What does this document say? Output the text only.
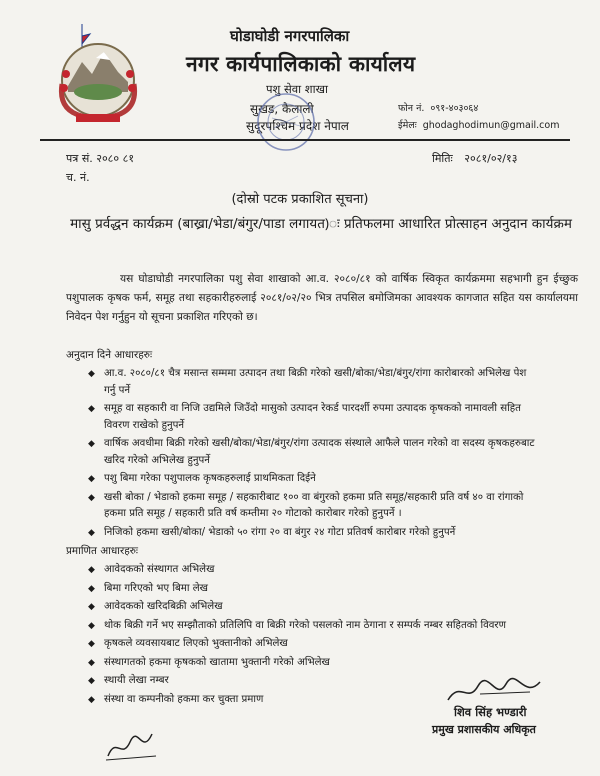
घोडाघोडी नगरपालिका
नगर कार्यपालिकाको कार्यालय
पशु सेवा शाखा
सुखड, कैलाली
सुदूरपश्चिम प्रदेश नेपाल
फोन नं. ०९१-४०३०६४
ईमेलः ghodaghodimun@gmail.com
पत्र सं. २०८० ८१
च. नं.
मितिः २०८१/०२/१३
(दोस्रो पटक प्रकाशित सूचना)
मासु प्रर्वद्धन कार्यक्रम (बाख्रा/भेडा/बंगुर/पाडा लगायत)ः प्रतिफलमा आधारित प्रोत्साहन अनुदान कार्यक्रम
यस घोडाघोडी नगरपालिका पशु सेवा शाखाको आ.व. २०८०/८१ को वार्षिक स्विकृत कार्यक्रममा सहभागी हुन ईच्छुक पशुपालक कृषक फर्म, समूह तथा सहकारीहरुलाई २०८१/०२/२० भित्र तपसिल बमोजिमका आवश्यक कागजात सहित यस कार्यालयमा निवेदन पेश गर्नुहुन यो सूचना प्रकाशित गरिएको छ।
अनुदान दिने आधारहरुः
◆ आ.व. २०८०/८१ चैत्र मसान्त सम्ममा उत्पादन तथा बिक्री गरेको खसी/बोका/भेडा/बंगुर/रांगा कारोबारको अभिलेख पेश गर्नु पर्ने
◆ समूह वा सहकारी वा निजि उद्यमिले जिउँदो मासुको उत्पादन रेकर्ड पारदर्शी रुपमा उत्पादक कृषकको नामावली सहित विवरण राखेको हुनुपर्ने
◆ वार्षिक अवधीमा बिक्री गरेको खसी/बोका/भेडा/बंगुर/रांगा उत्पादक संस्थाले आफैले पालन गरेको वा सदस्य कृषकहरुबाट खरिद गरेको अभिलेख हुनुपर्ने
◆ पशु बिमा गरेका पशुपालक कृषकहरुलाई प्राथमिकता दिईने
◆ खसी बोका / भेडाको हकमा समूह / सहकारीबाट १०० वा बंगुरको हकमा प्रति समूह/सहकारी प्रति वर्ष ४० वा रांगाको हकमा प्रति समूह / सहकारी प्रति वर्ष कम्तीमा २० गोटाको कारोबार गरेको हुनुपर्ने ।
◆ निजिको हकमा खसी/बोका/ भेडाको ५० रांगा २० वा बंगुर २४ गोटा प्रतिवर्ष कारोबार गरेको हुनुपर्ने
प्रमाणित आधारहरुः
◆ आवेदकको संस्थागत अभिलेख
◆ बिमा गरिएको भए बिमा लेख
◆ आवेदकको खरिदबिक्री अभिलेख
◆ थोक बिक्री गर्ने भए सम्झौताको प्रतिलिपि वा बिक्री गरेको पसलको नाम ठेगाना र सम्पर्क नम्बर सहितको विवरण
◆ कृषकले व्यवसायबाट लिएको भुक्तानीको अभिलेख
◆ संस्थागतको हकमा कृषकको खातामा भुक्तानी गरेको अभिलेख
◆ स्थायी लेखा नम्बर
◆ संस्था वा कम्पनीको हकमा कर चुक्ता प्रमाण
शिव सिंह भण्डारी
प्रमुख प्रशासकीय अधिकृत
